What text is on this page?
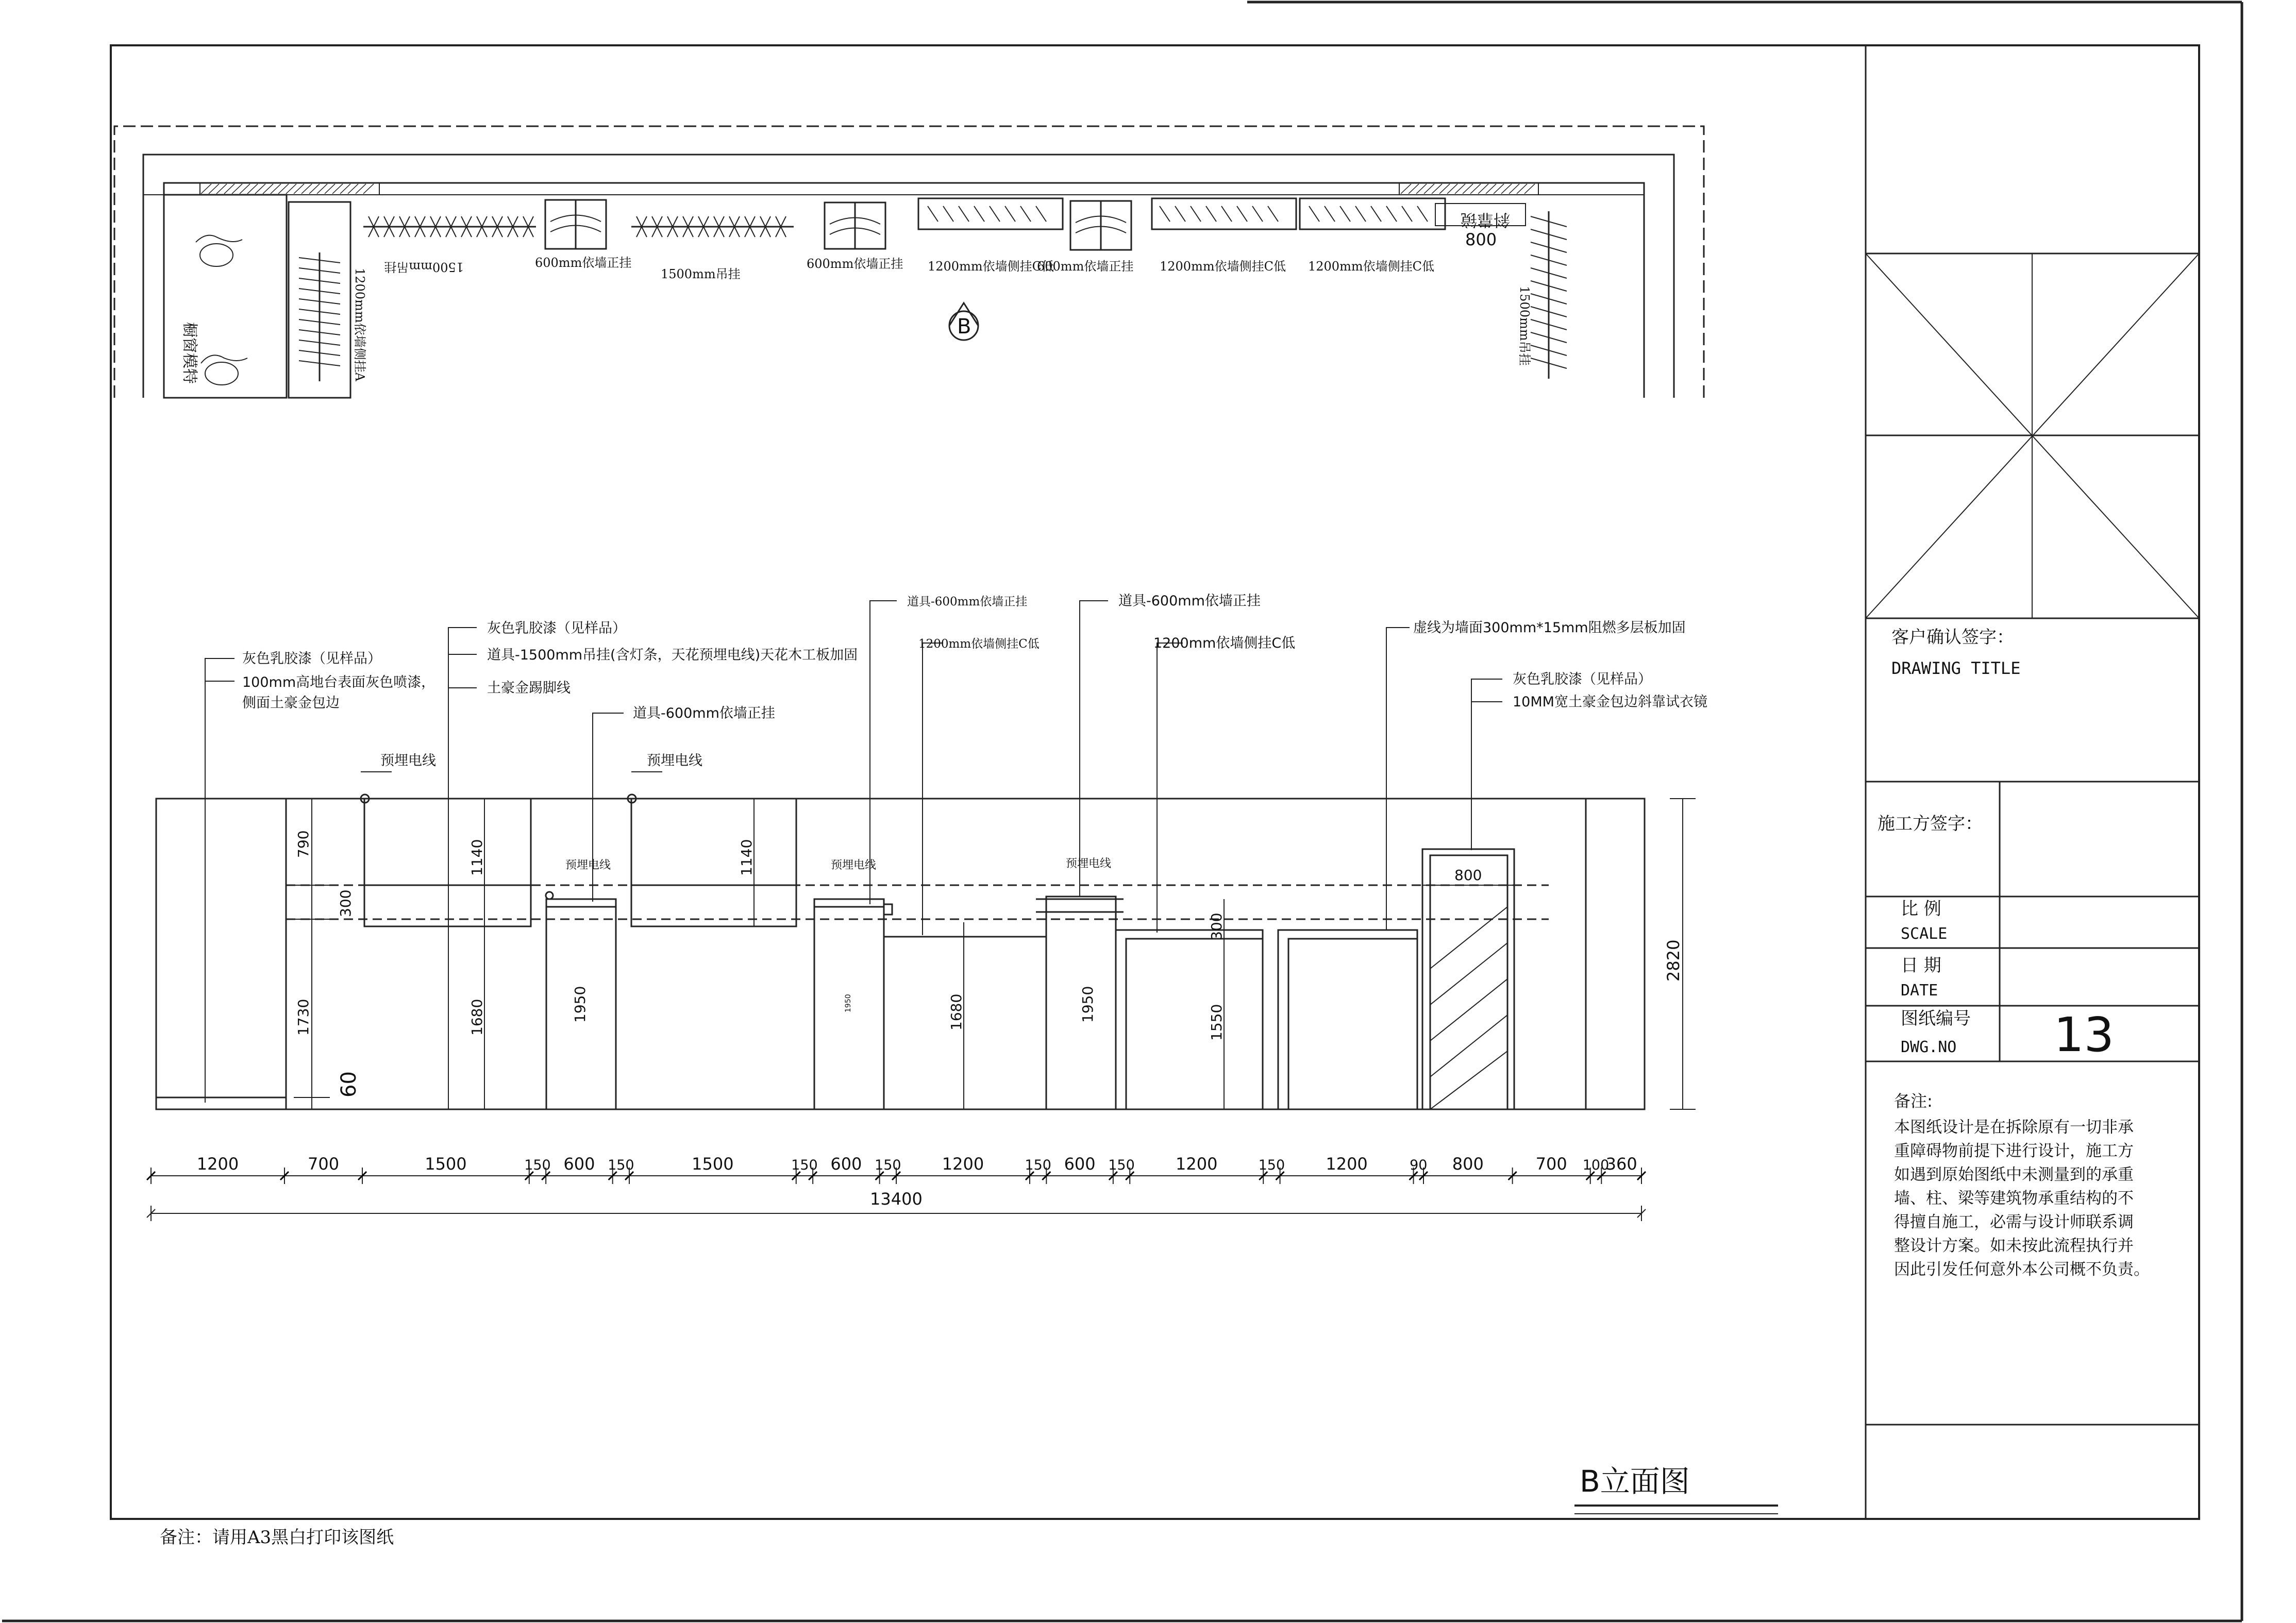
橱窗模特	1200mm依墙侧挂A
1500mm吊挂	600mm依墙正挂
1500mm吊挂
600mm依墙正挂 1200mm依墙侧挂C低
600mm依墙正挂 1200mm依墙侧挂C低 1200mm依墙侧挂C低
斜靠镜
800
1500mm吊挂
B
灰色乳胶漆（见样品）
100mm高地台表面灰色喷漆，
侧面土豪金包边
灰色乳胶漆（见样品）
道具-1500mm吊挂(含灯条，天花预埋电线)天花木工板加固
土豪金踢脚线
道具-600mm依墙正挂
道具-600mm依墙正挂
1200mm依墙侧挂C低
道具-600mm依墙正挂
1200mm依墙侧挂C低
虚线为墙面300mm*15mm阻燃多层板加固
灰色乳胶漆（见样品）
10MM宽土豪金包边斜靠试衣镜
预埋电线	预埋电线
预埋电线	预埋电线	预埋电线
790
300
1730
60
1140
1680	1950
1140
1950	1680	1950
300
1550
2820
800
1200	700	1500	150 600 150	1500	150 600 150 1200	150 600 150 1200	150 1200	90 800	700 100
360
13400
B立面图
备注：请用A3黑白打印该图纸
客户确认签字：
DRAWING TITLE
施工方签字：
比 例
SCALE
日 期
DATE
图纸编号
DWG.NO 13
备注:
本图纸设计是在拆除原有一切非承
重障碍物前提下进行设计，施工方
如遇到原始图纸中未测量到的承重
墙、柱、梁等建筑物承重结构的不
得擅自施工，必需与设计师联系调
整设计方案。如未按此流程执行并
因此引发任何意外本公司概不负责。
